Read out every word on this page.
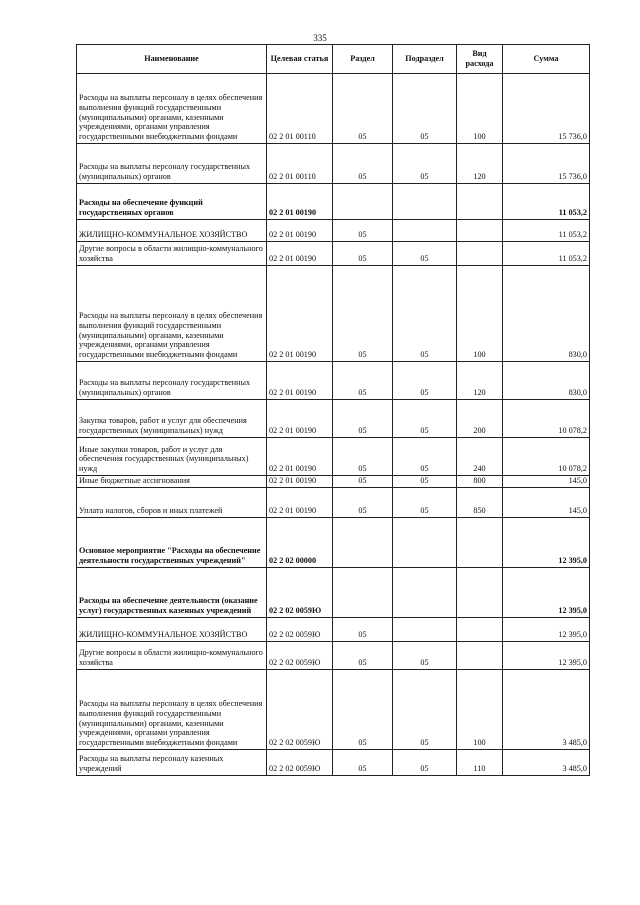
335
Наименование	Целевая статья	Раздел	Подраздел	Вид расхода	Сумма
Расходы на выплаты персоналу в целях обеспечения выполнения функций государственными (муниципальными) органами, казенными учреждениями, органами управления государственными внебюджетными фондами	02 2 01 00110	05	05	100	15 736,0
Расходы на выплаты персоналу государственных (муниципальных) органов	02 2 01 00110	05	05	120	15 736,0
Расходы на обеспечение функций государственных органов	02 2 01 00190				11 053,2
ЖИЛИЩНО-КОММУНАЛЬНОЕ ХОЗЯЙСТВО	02 2 01 00190	05			11 053,2
Другие вопросы в области жилищно-коммунального хозяйства	02 2 01 00190	05	05		11 053,2
Расходы на выплаты персоналу в целях обеспечения выполнения функций государственными (муниципальными) органами, казенными учреждениями, органами управления государственными внебюджетными фондами	02 2 01 00190	05	05	100	830,0
Расходы на выплаты персоналу государственных (муниципальных) органов	02 2 01 00190	05	05	120	830,0
Закупка товаров, работ и услуг для обеспечения государственных (муниципальных) нужд	02 2 01 00190	05	05	200	10 078,2
Иные закупки товаров, работ и услуг для обеспечения государственных (муниципальных) нужд	02 2 01 00190	05	05	240	10 078,2
Иные бюджетные ассигнования	02 2 01 00190	05	05	800	145,0
Уплата налогов, сборов и иных платежей	02 2 01 00190	05	05	850	145,0
Основное мероприятие "Расходы на обеспечение деятельности государственных учреждений"	02 2 02 00000				12 395,0
Расходы на обеспечение деятельности (оказание услуг) государственных казенных учреждений	02 2 02 0059Ю				12 395,0
ЖИЛИЩНО-КОММУНАЛЬНОЕ ХОЗЯЙСТВО	02 2 02 0059Ю	05			12 395,0
Другие вопросы в области жилищно-коммунального хозяйства	02 2 02 0059Ю	05	05		12 395,0
Расходы на выплаты персоналу в целях обеспечения выполнения функций государственными (муниципальными) органами, казенными учреждениями, органами управления государственными внебюджетными фондами	02 2 02 0059Ю	05	05	100	3 485,0
Расходы на выплаты персоналу казенных учреждений	02 2 02 0059Ю	05	05	110	3 485,0
